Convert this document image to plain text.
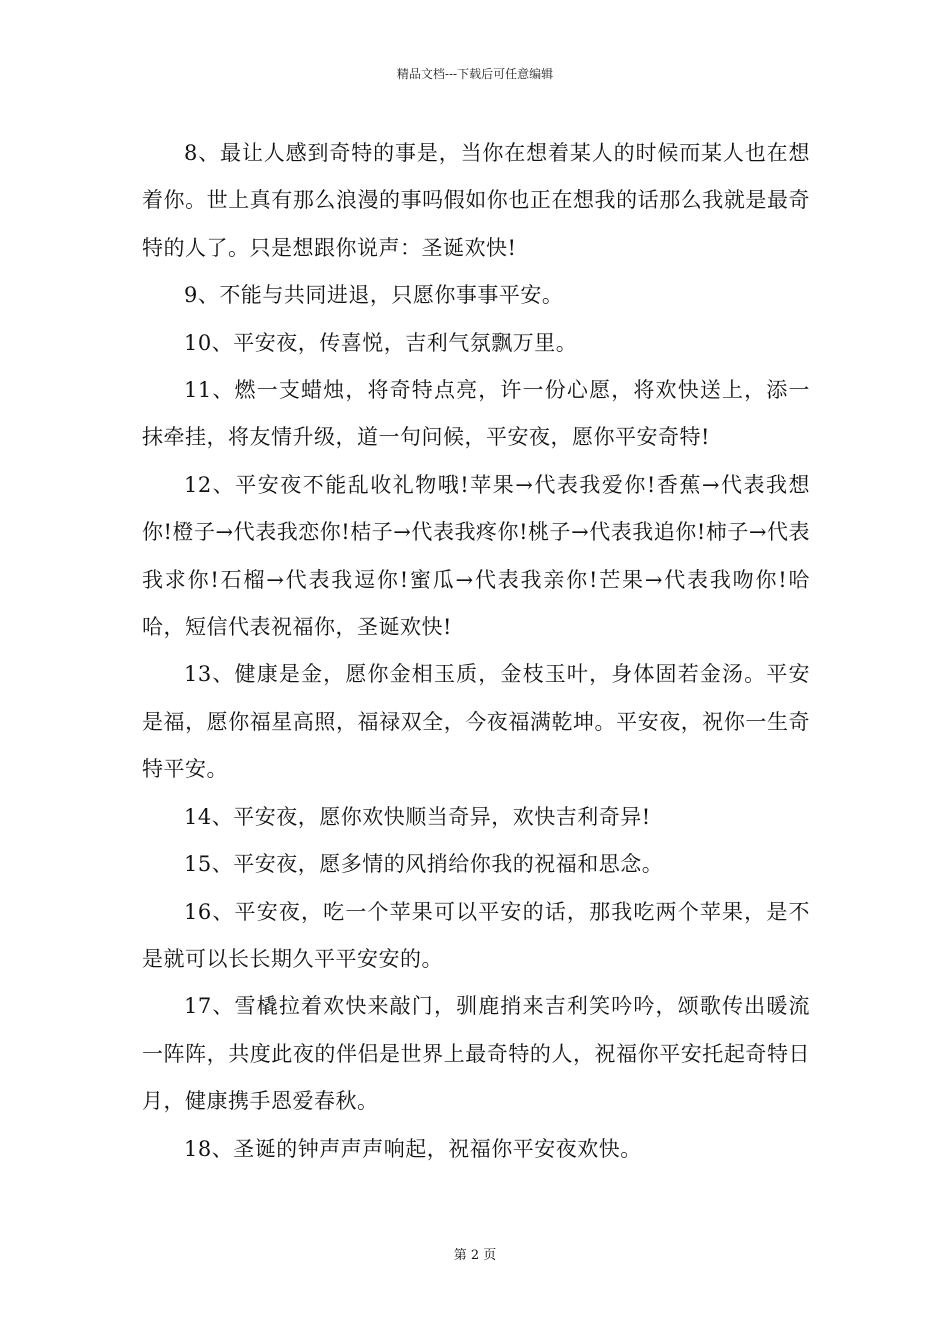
精品文档---下载后可任意编辑

8、最让人感到奇特的事是，当你在想着某人的时候而某人也在想着你。世上真有那么浪漫的事吗假如你也正在想我的话那么我就是最奇特的人了。只是想跟你说声：圣诞欢快!

9、不能与共同进退，只愿你事事平安。

10、平安夜，传喜悦，吉利气氛飘万里。

11、燃一支蜡烛，将奇特点亮，许一份心愿，将欢快送上，添一抹牵挂，将友情升级，道一句问候，平安夜，愿你平安奇特!

12、平安夜不能乱收礼物哦!苹果→代表我爱你!香蕉→代表我想你!橙子→代表我恋你!桔子→代表我疼你!桃子→代表我追你!柿子→代表我求你!石榴→代表我逗你!蜜瓜→代表我亲你!芒果→代表我吻你!哈哈，短信代表祝福你，圣诞欢快!

13、健康是金，愿你金相玉质，金枝玉叶，身体固若金汤。平安是福，愿你福星高照，福禄双全，今夜福满乾坤。平安夜，祝你一生奇特平安。

14、平安夜，愿你欢快顺当奇异，欢快吉利奇异!

15、平安夜，愿多情的风捎给你我的祝福和思念。

16、平安夜，吃一个苹果可以平安的话，那我吃两个苹果，是不是就可以长长期久平平安安的。

17、雪橇拉着欢快来敲门，驯鹿捎来吉利笑吟吟，颂歌传出暖流一阵阵，共度此夜的伴侣是世界上最奇特的人，祝福你平安托起奇特日月，健康携手恩爱春秋。

18、圣诞的钟声声声响起，祝福你平安夜欢快。

第 2 页
